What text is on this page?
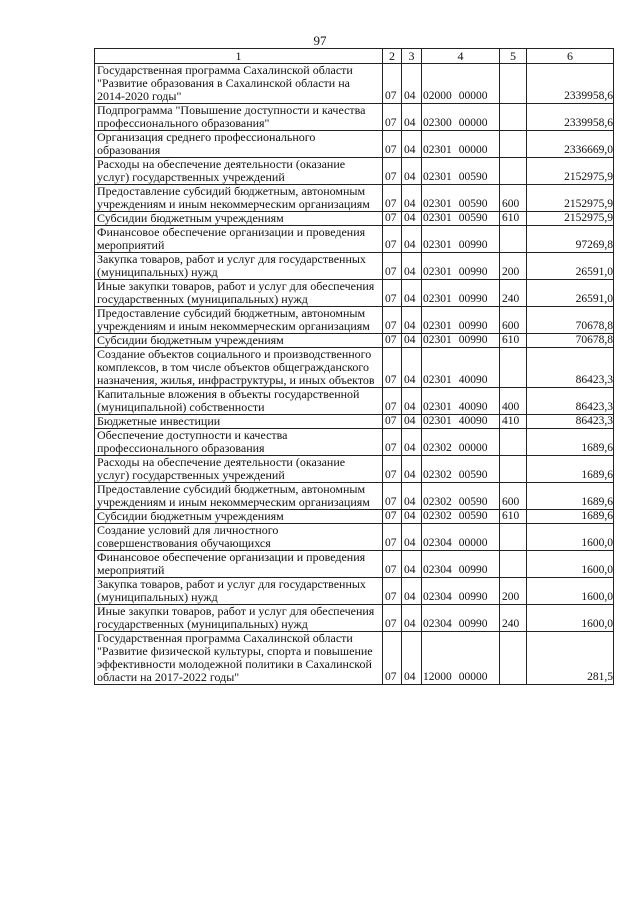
97
1	2	3	4	5	6
Государственная программа Сахалинской области "Развитие образования в Сахалинской области на 2014-2020 годы"	07	04	02000 00000		2339958,6
Подпрограмма "Повышение доступности и качества профессионального образования"	07	04	02300 00000		2339958,6
Организация среднего профессионального образования	07	04	02301 00000		2336669,0
Расходы на обеспечение деятельности (оказание услуг) государственных учреждений	07	04	02301 00590		2152975,9
Предоставление субсидий бюджетным, автономным учреждениям и иным некоммерческим организациям	07	04	02301 00590	600	2152975,9
Субсидии бюджетным учреждениям	07	04	02301 00590	610	2152975,9
Финансовое обеспечение организации и проведения мероприятий	07	04	02301 00990		97269,8
Закупка товаров, работ и услуг для государственных (муниципальных) нужд	07	04	02301 00990	200	26591,0
Иные закупки товаров, работ и услуг для обеспечения государственных (муниципальных) нужд	07	04	02301 00990	240	26591,0
Предоставление субсидий бюджетным, автономным учреждениям и иным некоммерческим организациям	07	04	02301 00990	600	70678,8
Субсидии бюджетным учреждениям	07	04	02301 00990	610	70678,8
Создание объектов социального и производственного комплексов, в том числе объектов общегражданского назначения, жилья, инфраструктуры, и иных объектов	07	04	02301 40090		86423,3
Капитальные вложения в объекты государственной (муниципальной) собственности	07	04	02301 40090	400	86423,3
Бюджетные инвестиции	07	04	02301 40090	410	86423,3
Обеспечение доступности и качества профессионального образования	07	04	02302 00000		1689,6
Расходы на обеспечение деятельности (оказание услуг) государственных учреждений	07	04	02302 00590		1689,6
Предоставление субсидий бюджетным, автономным учреждениям и иным некоммерческим организациям	07	04	02302 00590	600	1689,6
Субсидии бюджетным учреждениям	07	04	02302 00590	610	1689,6
Создание условий для личностного совершенствования обучающихся	07	04	02304 00000		1600,0
Финансовое обеспечение организации и проведения мероприятий	07	04	02304 00990		1600,0
Закупка товаров, работ и услуг для государственных (муниципальных) нужд	07	04	02304 00990	200	1600,0
Иные закупки товаров, работ и услуг для обеспечения государственных (муниципальных) нужд	07	04	02304 00990	240	1600,0
Государственная программа Сахалинской области "Развитие физической культуры, спорта и повышение эффективности молодежной политики в Сахалинской области на 2017-2022 годы"	07	04	12000 00000		281,5
